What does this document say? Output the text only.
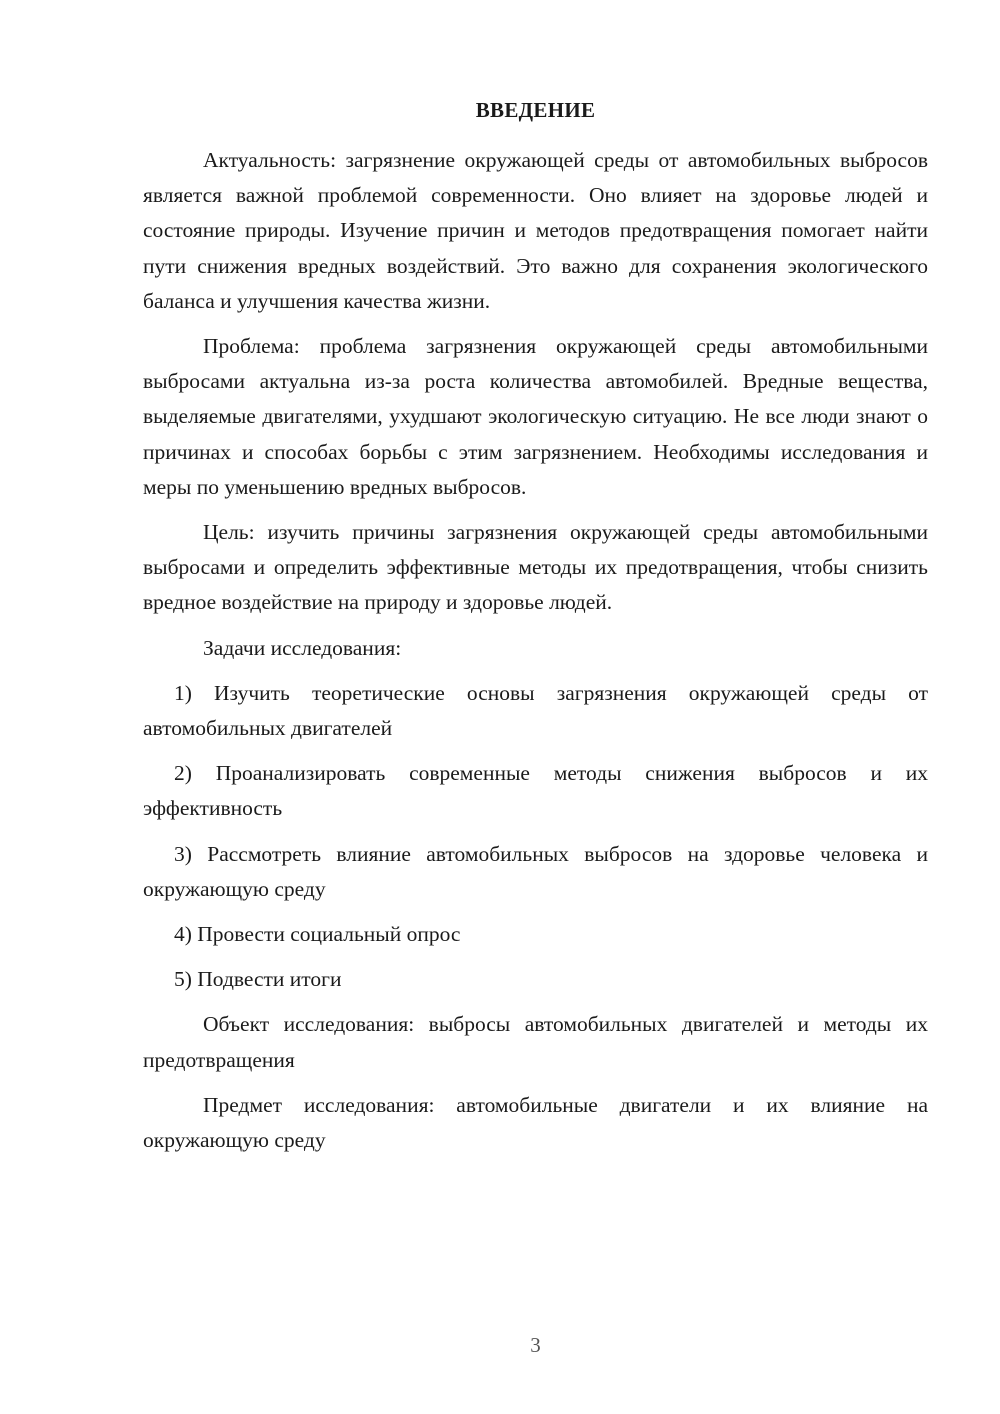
ВВЕДЕНИЕ

Актуальность: загрязнение окружающей среды от автомобильных выбросов является важной проблемой современности. Оно влияет на здоровье людей и состояние природы. Изучение причин и методов предотвращения помогает найти пути снижения вредных воздействий. Это важно для сохранения экологического баланса и улучшения качества жизни.

Проблема: проблема загрязнения окружающей среды автомобильными выбросами актуальна из-за роста количества автомобилей. Вредные вещества, выделяемые двигателями, ухудшают экологическую ситуацию. Не все люди знают о причинах и способах борьбы с этим загрязнением. Необходимы исследования и меры по уменьшению вредных выбросов.

Цель: изучить причины загрязнения окружающей среды автомобильными выбросами и определить эффективные методы их предотвращения, чтобы снизить вредное воздействие на природу и здоровье людей.

Задачи исследования:

1) Изучить теоретические основы загрязнения окружающей среды от автомобильных двигателей

2) Проанализировать современные методы снижения выбросов и их эффективность

3) Рассмотреть влияние автомобильных выбросов на здоровье человека и окружающую среду

4) Провести социальный опрос

5) Подвести итоги

Объект исследования: выбросы автомобильных двигателей и методы их предотвращения

Предмет исследования: автомобильные двигатели и их влияние на окружающую среду

3
